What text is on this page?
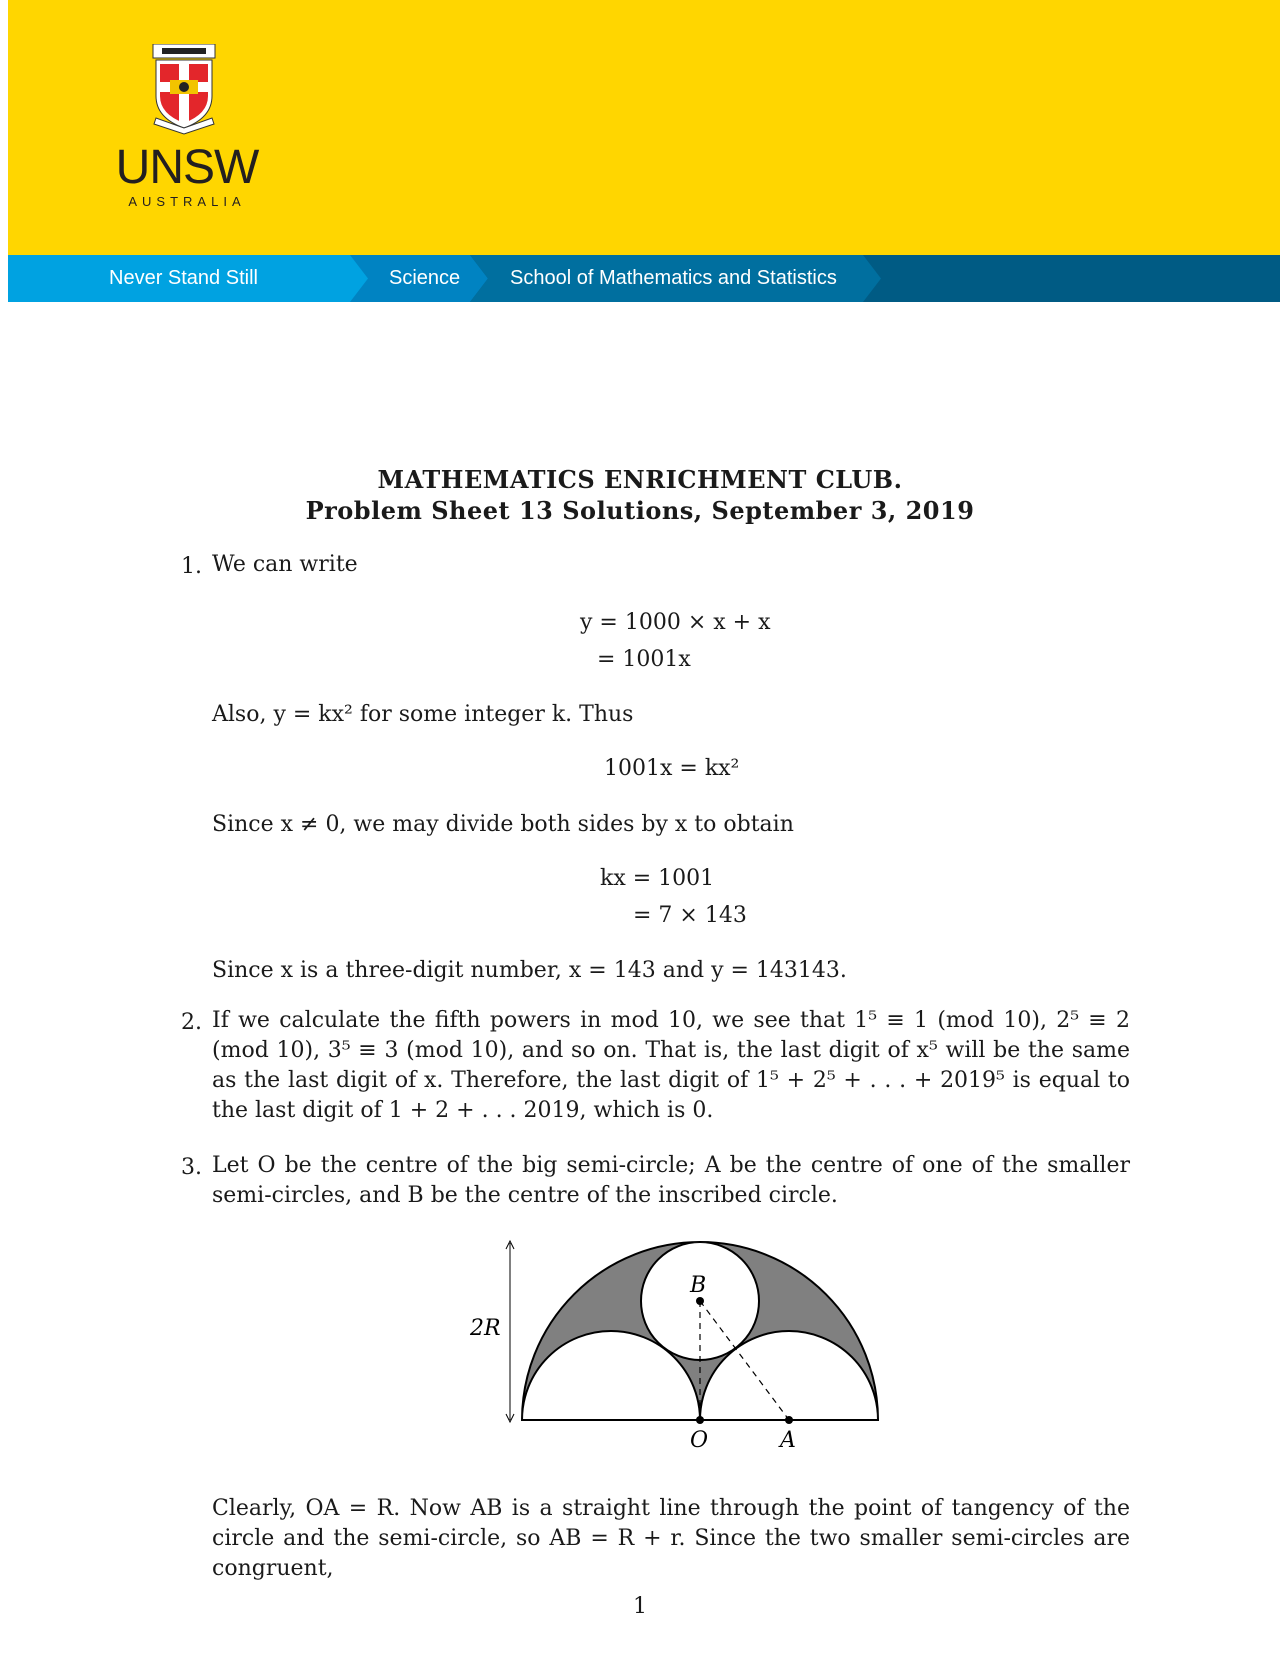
UNSW
AUSTRALIA
Never Stand Still	Science School of Mathematics and Statistics
MATHEMATICS ENRICHMENT CLUB.
Problem Sheet 13 Solutions, September 3, 2019
1. We can write
y = 1000 × x + x
= 1001x
Also, y = kx² for some integer k. Thus
1001x = kx²
Since x ≠ 0, we may divide both sides by x to obtain
kx = 1001
= 7 × 143
Since x is a three-digit number, x = 143 and y = 143143.
2. If we calculate the fifth powers in mod 10, we see that 1⁵ ≡ 1 (mod 10), 2⁵ ≡ 2 (mod 10), 3⁵ ≡ 3 (mod 10), and so on. That is, the last digit of x⁵ will be the same as the last digit of x. Therefore, the last digit of 1⁵ + 2⁵ + . . . + 2019⁵ is equal to the last digit of 1 + 2 + . . . 2019, which is 0.
3. Let O be the centre of the big semi-circle; A be the centre of one of the smaller semi-circles, and B be the centre of the inscribed circle.
2R
B
O	A
Clearly, OA = R. Now AB is a straight line through the point of tangency of the circle and the semi-circle, so AB = R + r. Since the two smaller semi-circles are congruent,
1
